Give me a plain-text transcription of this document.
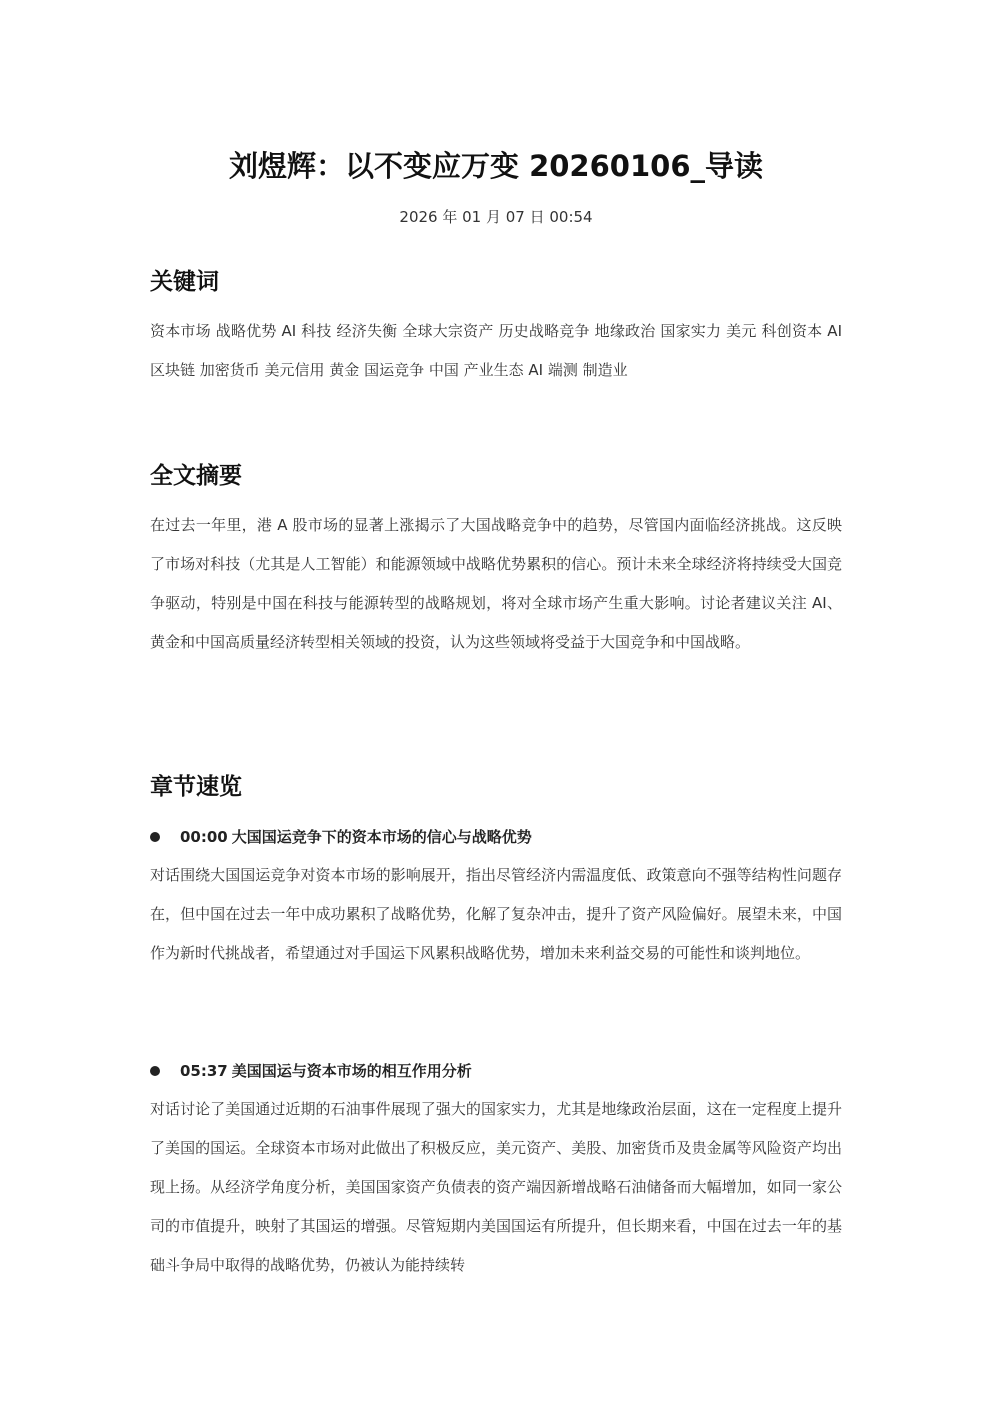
刘煜辉：以不变应万变 20260106_导读

2026 年 01 月 07 日 00:54

关键词

资本市场 战略优势 AI 科技 经济失衡 全球大宗资产 历史战略竞争 地缘政治 国家实力 美元 科创资本 AI 区块链 加密货币 美元信用 黄金 国运竞争 中国 产业生态 AI 端测 制造业

全文摘要

在过去一年里，港 A 股市场的显著上涨揭示了大国战略竞争中的趋势，尽管国内面临经济挑战。这反映了市场对科技（尤其是人工智能）和能源领域中战略优势累积的信心。预计未来全球经济将持续受大国竞争驱动，特别是中国在科技与能源转型的战略规划，将对全球市场产生重大影响。讨论者建议关注 AI、黄金和中国高质量经济转型相关领域的投资，认为这些领域将受益于大国竞争和中国战略。

章节速览
00:00 大国国运竞争下的资本市场的信心与战略优势

对话围绕大国国运竞争对资本市场的影响展开，指出尽管经济内需温度低、政策意向不强等结构性问题存在，但中国在过去一年中成功累积了战略优势，化解了复杂冲击，提升了资产风险偏好。展望未来，中国作为新时代挑战者，希望通过对手国运下风累积战略优势，增加未来利益交易的可能性和谈判地位。

05:37 美国国运与资本市场的相互作用分析

对话讨论了美国通过近期的石油事件展现了强大的国家实力，尤其是地缘政治层面，这在一定程度上提升了美国的国运。全球资本市场对此做出了积极反应，美元资产、美股、加密货币及贵金属等风险资产均出现上扬。从经济学角度分析，美国国家资产负债表的资产端因新增战略石油储备而大幅增加，如同一家公司的市值提升，映射了其国运的增强。尽管短期内美国国运有所提升，但长期来看，中国在过去一年的基础斗争局中取得的战略优势，仍被认为能持续转
